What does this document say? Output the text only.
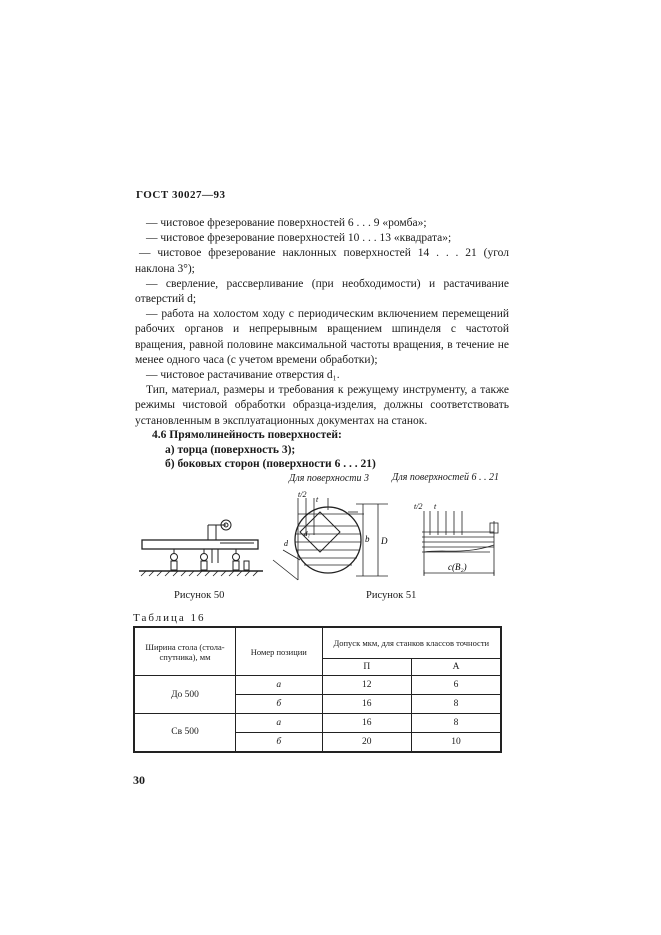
ГОСТ 30027—93

— чистовое фрезерование поверхностей 6 . . . 9 «ромба»;

— чистовое фрезерование поверхностей 10 . . . 13 «квадрата»;

— чистовое фрезерование наклонных поверхностей 14 . . . 21 (угол наклона 3°);

— сверление, рассверливание (при необходимости) и растачивание отверстий d;

— работа на холостом ходу с периодическим включением перемещений рабочих органов и непрерывным вращением шпинделя с частотой вращения, равной половине максимальной частоты вращения, в течение не менее одного часа (с учетом времени обработки);

— чистовое растачивание отверстия d₁.

Тип, материал, размеры и требования к режущему инструменту, а также режимы чистовой обработки образца-изделия, должны соответствовать установленным в эксплуатационных документах на станок.

4.6 Прямолинейность поверхностей:
а) торца (поверхность 3);
б) боковых сторон (поверхности 6 . . . 21)
Для поверхности 3 Для поверхностей 6 . . 21
Рисунок 50
t/2
t
b D
d
d₁
t/2 t
c(B₂)
Рисунок 51
Таблица 16
Ширина стола (стола-спутника), мм	Номер позиции	Допуск мкм, для станков классов точности	
		П	А
До 500	а	12	6
	б	16	8
Св 500	а	16	8
	б	20	10
30
